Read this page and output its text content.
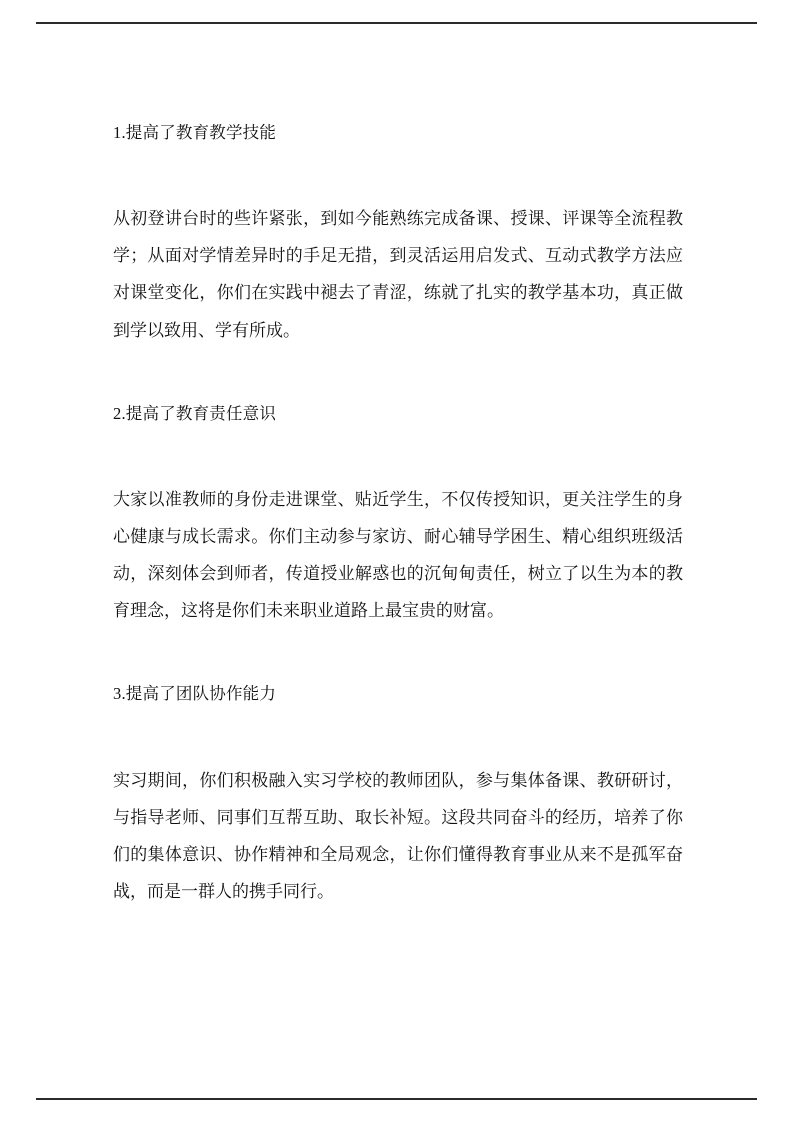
1.提高了教育教学技能

从初登讲台时的些许紧张，到如今能熟练完成备课、授课、评课等全流程教学；从面对学情差异时的手足无措，到灵活运用启发式、互动式教学方法应对课堂变化，你们在实践中褪去了青涩，练就了扎实的教学基本功，真正做到学以致用、学有所成。

2.提高了教育责任意识

大家以准教师的身份走进课堂、贴近学生，不仅传授知识，更关注学生的身心健康与成长需求。你们主动参与家访、耐心辅导学困生、精心组织班级活动，深刻体会到师者，传道授业解惑也的沉甸甸责任，树立了以生为本的教育理念，这将是你们未来职业道路上最宝贵的财富。

3.提高了团队协作能力

实习期间，你们积极融入实习学校的教师团队，参与集体备课、教研研讨，与指导老师、同事们互帮互助、取长补短。这段共同奋斗的经历，培养了你们的集体意识、协作精神和全局观念，让你们懂得教育事业从来不是孤军奋战，而是一群人的携手同行。
